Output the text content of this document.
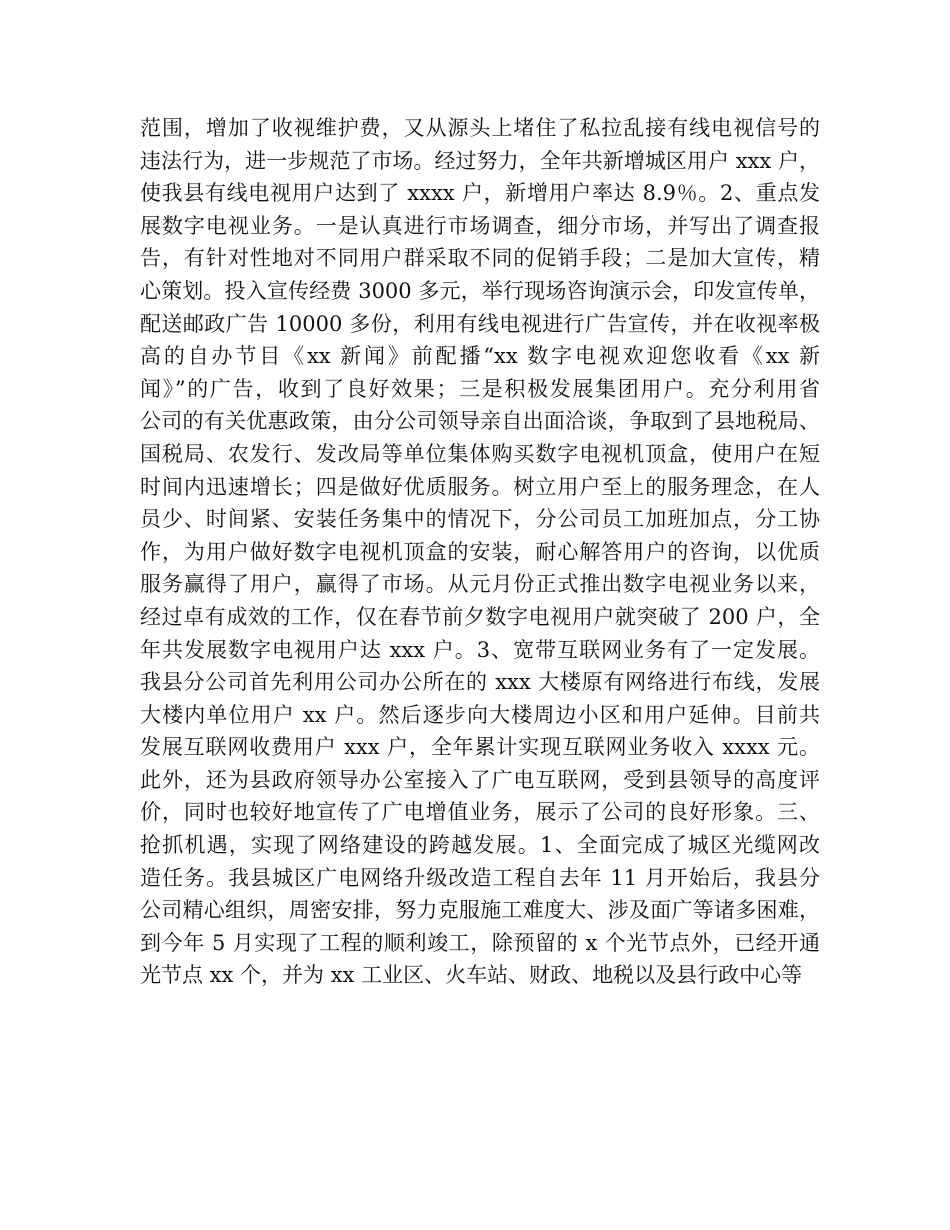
范围，增加了收视维护费，又从源头上堵住了私拉乱接有线电视信号的
违法行为，进一步规范了市场。经过努力，全年共新增城区用户 xxx 户，
使我县有线电视用户达到了 xxxx 户，新增用户率达 8.9％。2、重点发
展数字电视业务。一是认真进行市场调查，细分市场，并写出了调查报
告，有针对性地对不同用户群采取不同的促销手段；二是加大宣传，精
心策划。投入宣传经费 3000 多元，举行现场咨询演示会，印发宣传单，
配送邮政广告 10000 多份，利用有线电视进行广告宣传，并在收视率极
高的自办节目《xx 新闻》前配播“xx 数字电视欢迎您收看《xx 新
闻》”的广告，收到了良好效果；三是积极发展集团用户。充分利用省
公司的有关优惠政策，由分公司领导亲自出面洽谈，争取到了县地税局、
国税局、农发行、发改局等单位集体购买数字电视机顶盒，使用户在短
时间内迅速增长；四是做好优质服务。树立用户至上的服务理念，在人
员少、时间紧、安装任务集中的情况下，分公司员工加班加点，分工协
作，为用户做好数字电视机顶盒的安装，耐心解答用户的咨询，以优质
服务赢得了用户，赢得了市场。从元月份正式推出数字电视业务以来，
经过卓有成效的工作，仅在春节前夕数字电视用户就突破了 200 户，全
年共发展数字电视用户达 xxx 户。3、宽带互联网业务有了一定发展。
我县分公司首先利用公司办公所在的 xxx 大楼原有网络进行布线，发展
大楼内单位用户 xx 户。然后逐步向大楼周边小区和用户延伸。目前共
发展互联网收费用户 xxx 户，全年累计实现互联网业务收入 xxxx 元。
此外，还为县政府领导办公室接入了广电互联网，受到县领导的高度评
价，同时也较好地宣传了广电增值业务，展示了公司的良好形象。三、
抢抓机遇，实现了网络建设的跨越发展。1、全面完成了城区光缆网改
造任务。我县城区广电网络升级改造工程自去年 11 月开始后，我县分
公司精心组织，周密安排，努力克服施工难度大、涉及面广等诸多困难，
到今年 5 月实现了工程的顺利竣工，除预留的 x 个光节点外，已经开通
光节点 xx 个，并为 xx 工业区、火车站、财政、地税以及县行政中心等
